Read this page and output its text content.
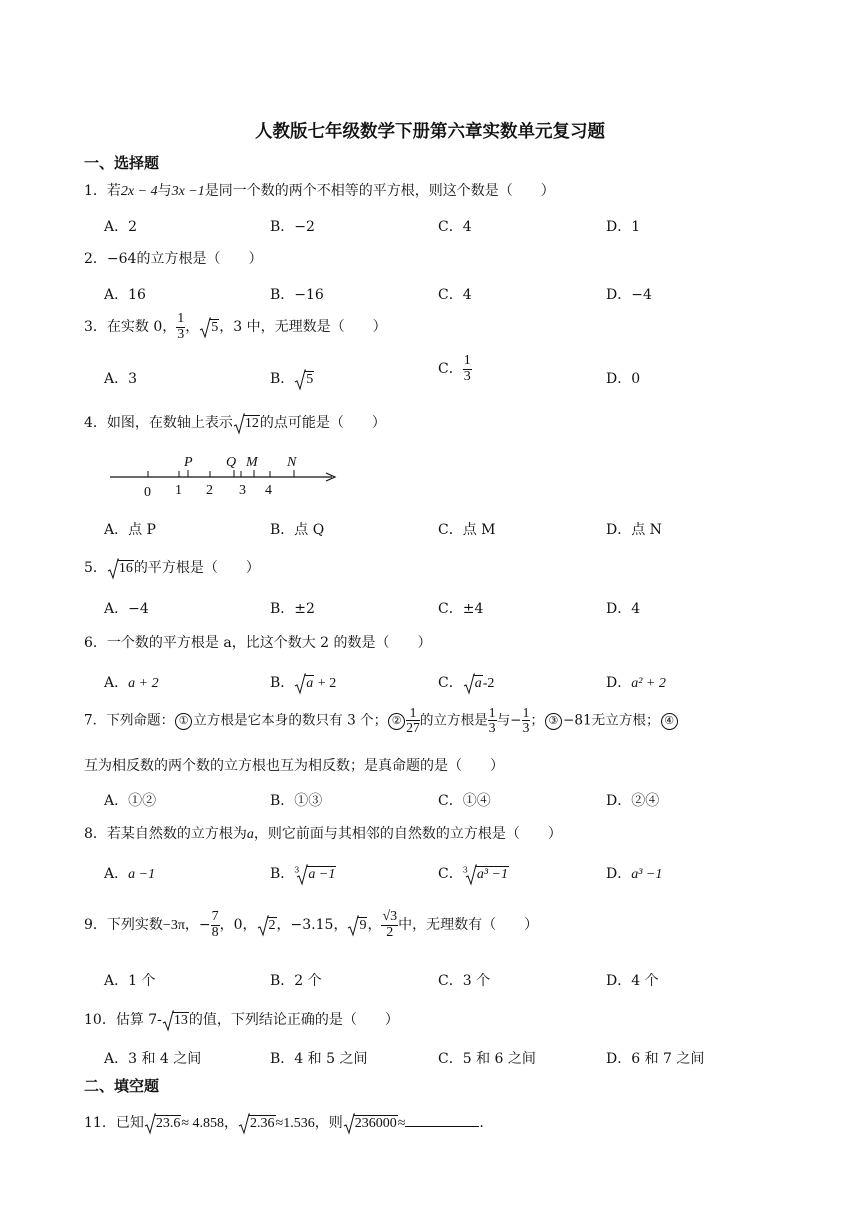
人教版七年级数学下册第六章实数单元复习题
一、选择题
1．若2x − 4与3x −1是同一个数的两个不相等的平方根，则这个数是（　　）
A．2	B．−2	C．4	D．1
2．−64的立方根是（　　）
A．16	B．−16	C．4	D．−4
3．在实数 0， $\frac{1}{3}$ ， 5，3 中，无理数是（　　）
A．3	B． 5
C． $\frac{1}{3}$	D．0
4．如图，在数轴上表示 12的点可能是（　　）
0 1 2 3 4
P Q M N
A．点 P	B．点 Q	C．点 M	D．点 N
5． 16的平方根是（　　）
A．−4	B．±2	C．±4	D．4
6．一个数的平方根是 a，比这个数大 2 的数是（　　）
A．a + 2	B． a + 2	C． a-2	D．a² + 2
7．下列命题： ① 立方根是它本身的数只有 3 个； ② $\frac{1}{27}$ 的立方根是 $\frac{1}{3}$ 与− $\frac{1}{3}$ ； ③ −81无立方根； ④
互为相反数的两个数的立方根也互为相反数；是真命题的是（　　）
A．①②	B．①③	C．①④	D．②④
8．若某自然数的立方根为a，则它前面与其相邻的自然数的立方根是（　　）
A．a −1	B．$^3$ a −1	C．$^3$ a³ −1	D．a³ −1
9．下列实数−3π，− $\frac{7}{8}$ ，0， 2，−3.15， 9， $\frac{√3}{2}$ 中，无理数有（　　）
A．1 个	B．2 个	C．3 个	D．4 个
10．估算 7- 13的值，下列结论正确的是（　　）
A．3 和 4 之间	B．4 和 5 之间	C．5 和 6 之间	D．6 和 7 之间
二、填空题
11．已知 23.6≈ 4.858， 2.36≈1.536，则 236000≈	.
